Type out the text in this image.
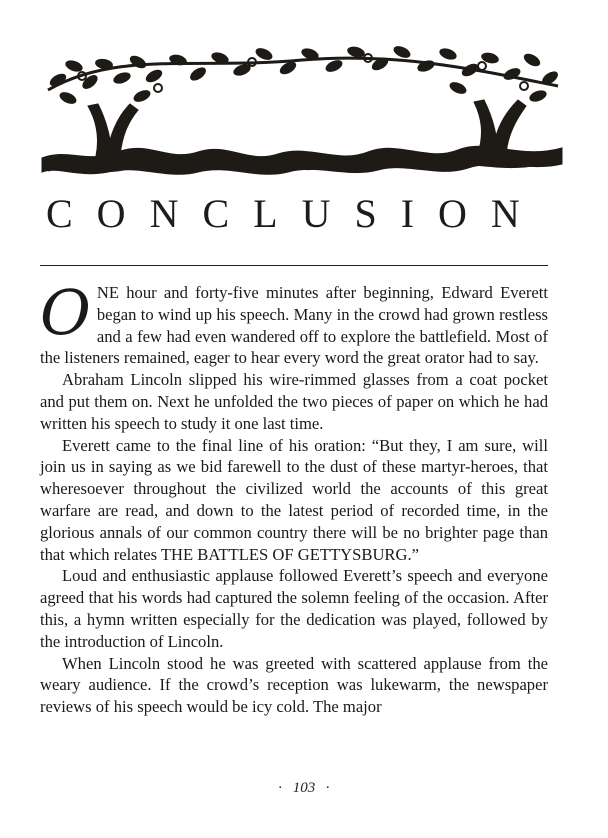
CONCLUSION

ONE hour and forty-five minutes after beginning, Edward Everett began to wind up his speech. Many in the crowd had grown restless and a few had even wandered off to explore the battlefield. Most of the listeners remained, eager to hear every word the great orator had to say.

Abraham Lincoln slipped his wire-rimmed glasses from a coat pocket and put them on. Next he unfolded the two pieces of paper on which he had written his speech to study it one last time.

Everett came to the final line of his oration: “But they, I am sure, will join us in saying as we bid farewell to the dust of these martyr-heroes, that wheresoever throughout the civilized world the accounts of this great warfare are read, and down to the latest period of recorded time, in the glorious annals of our common country there will be no brighter page than that which relates THE BATTLES OF GETTYSBURG.”

Loud and enthusiastic applause followed Everett’s speech and everyone agreed that his words had captured the solemn feeling of the occasion. After this, a hymn written especially for the dedication was played, followed by the introduction of Lincoln.

When Lincoln stood he was greeted with scattered applause from the weary audience. If the crowd’s reception was lukewarm, the newspaper reviews of his speech would be icy cold. The major

· 103 ·
